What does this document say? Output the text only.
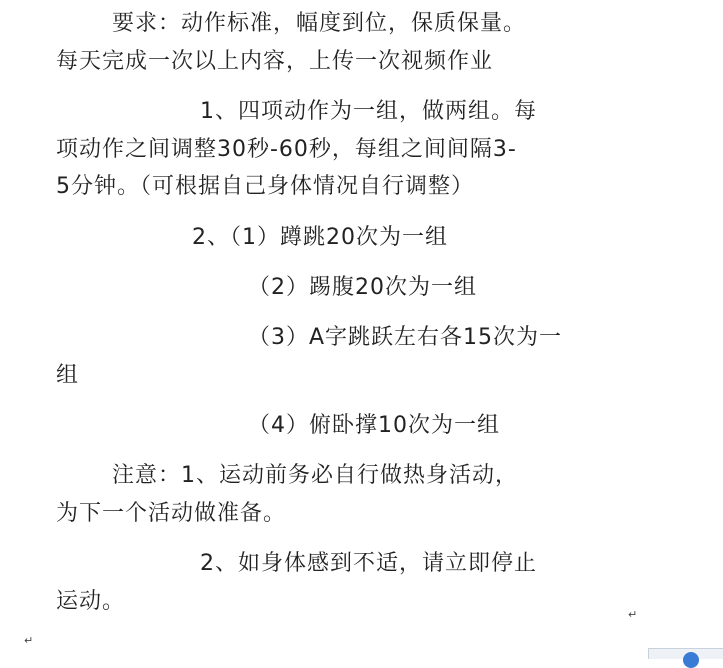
要求：动作标准，幅度到位，保质保量。
每天完成一次以上内容，上传一次视频作业
1、四项动作为一组，做两组。每
项动作之间调整30秒-60秒，每组之间间隔3-
5分钟。（可根据自己身体情况自行调整）
2、（1）蹲跳20次为一组
（2）踢腹20次为一组
（3）A字跳跃左右各15次为一
组
（4）俯卧撑10次为一组
注意：1、运动前务必自行做热身活动，
为下一个活动做准备。
2、如身体感到不适，请立即停止
运动。
↵
↵
